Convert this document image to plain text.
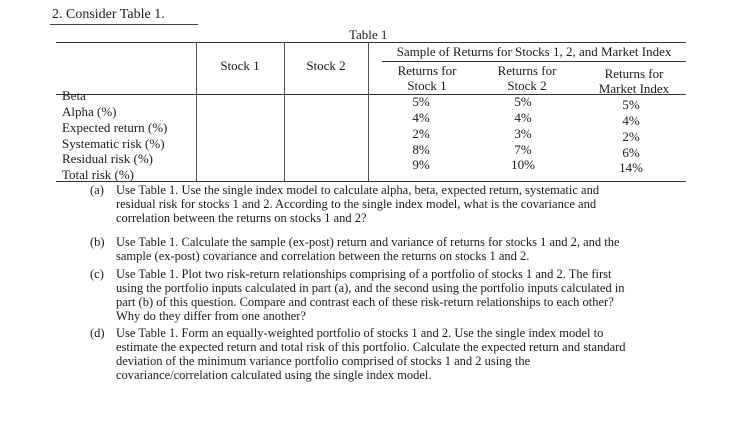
2. Consider Table 1.
Table 1
Stock 1	Stock 2
Sample of Returns for Stocks 1, 2, and Market Index
Returns for
Stock 1
Returns for
Stock 2
Returns for
Market Index
Beta
Alpha (%)
Expected return (%)
Systematic risk (%)
Residual risk (%)
Total risk (%)
5%
4%
2%
8%
9%
5%
4%
3%
7%
10%
5%
4%
2%
6%
14%
(a) Use Table 1. Use the single index model to calculate alpha, beta, expected return, systematic and
residual risk for stocks 1 and 2. According to the single index model, what is the covariance and
correlation between the returns on stocks 1 and 2?
(b) Use Table 1. Calculate the sample (ex-post) return and variance of returns for stocks 1 and 2, and the
sample (ex-post) covariance and correlation between the returns on stocks 1 and 2.
(c) Use Table 1. Plot two risk-return relationships comprising of a portfolio of stocks 1 and 2. The first
using the portfolio inputs calculated in part (a), and the second using the portfolio inputs calculated in
part (b) of this question. Compare and contrast each of these risk-return relationships to each other?
Why do they differ from one another?
(d) Use Table 1. Form an equally-weighted portfolio of stocks 1 and 2. Use the single index model to
estimate the expected return and total risk of this portfolio. Calculate the expected return and standard
deviation of the minimum variance portfolio comprised of stocks 1 and 2 using the
covariance/correlation calculated using the single index model.
